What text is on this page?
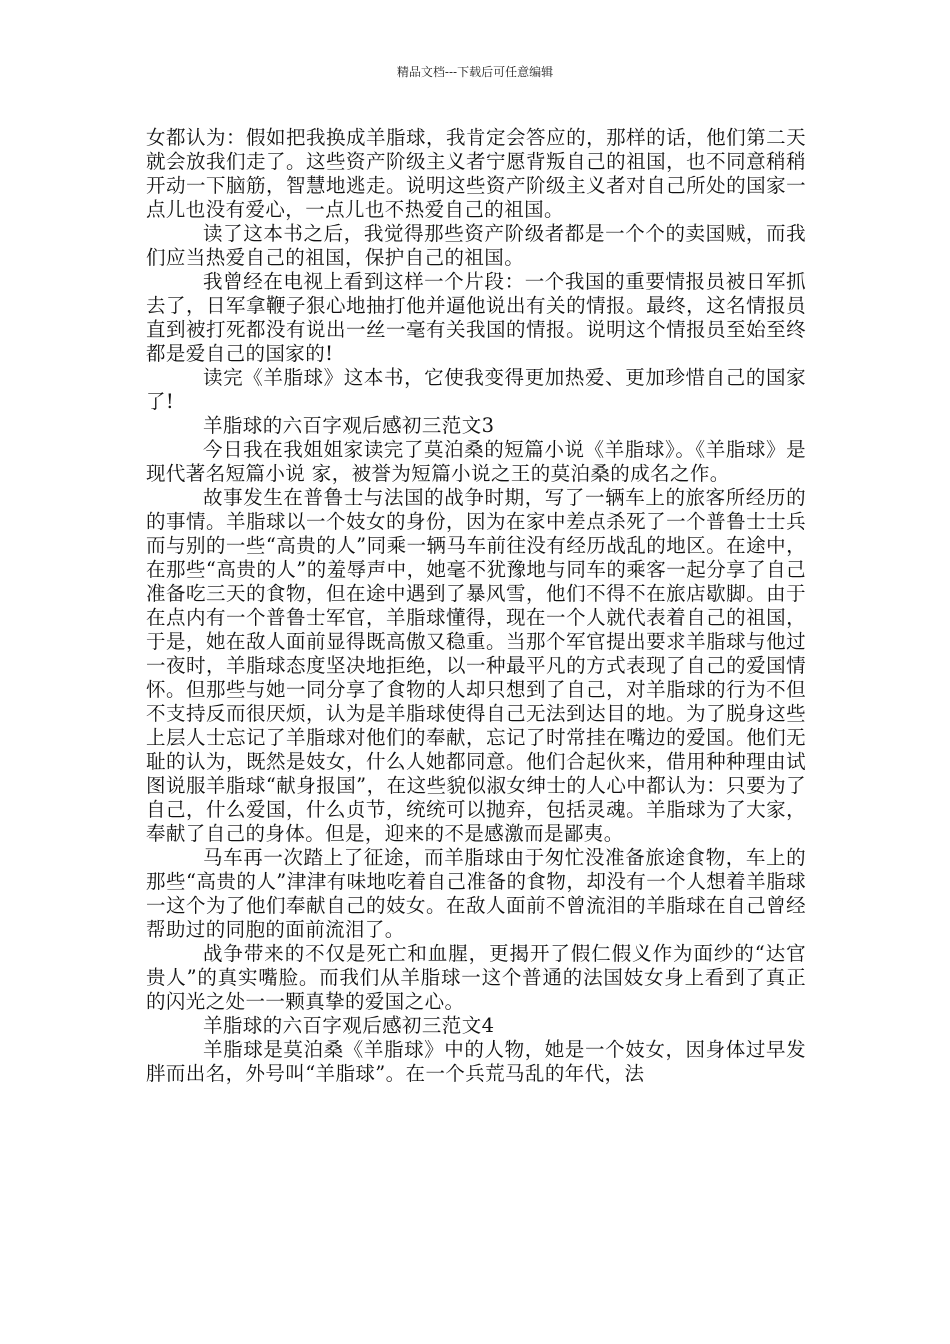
精品文档---下载后可任意编辑

女都认为：假如把我换成羊脂球，我肯定会答应的，那样的话，他们第二天就会放我们走了。这些资产阶级主义者宁愿背叛自己的祖国，也不同意稍稍开动一下脑筋，智慧地逃走。说明这些资产阶级主义者对自己所处的国家一点儿也没有爱心，一点儿也不热爱自己的祖国。

读了这本书之后，我觉得那些资产阶级者都是一个个的卖国贼，而我们应当热爱自己的祖国，保护自己的祖国。

我曾经在电视上看到这样一个片段：一个我国的重要情报员被日军抓去了，日军拿鞭子狠心地抽打他并逼他说出有关的情报。最终，这名情报员直到被打死都没有说出一丝一毫有关我国的情报。说明这个情报员至始至终都是爱自己的国家的!

读完《羊脂球》这本书，它使我变得更加热爱、更加珍惜自己的国家了!

羊脂球的六百字观后感初三范文3

今日我在我姐姐家读完了莫泊桑的短篇小说《羊脂球》。《羊脂球》是现代著名短篇小说 家，被誉为短篇小说之王的莫泊桑的成名之作。

故事发生在普鲁士与法国的战争时期，写了一辆车上的旅客所经历的的事情。羊脂球以一个妓女的身份，因为在家中差点杀死了一个普鲁士士兵而与别的一些“高贵的人”同乘一辆马车前往没有经历战乱的地区。在途中，在那些“高贵的人”的羞辱声中，她毫不犹豫地与同车的乘客一起分享了自己准备吃三天的食物，但在途中遇到了暴风雪，他们不得不在旅店歇脚。由于在点内有一个普鲁士军官，羊脂球懂得，现在一个人就代表着自己的祖国，于是，她在敌人面前显得既高傲又稳重。当那个军官提出要求羊脂球与他过一夜时，羊脂球态度坚决地拒绝，以一种最平凡的方式表现了自己的爱国情怀。但那些与她一同分享了食物的人却只想到了自己，对羊脂球的行为不但不支持反而很厌烦，认为是羊脂球使得自己无法到达目的地。为了脱身这些上层人士忘记了羊脂球对他们的奉献，忘记了时常挂在嘴边的爱国。他们无耻的认为，既然是妓女，什么人她都同意。他们合起伙来，借用种种理由试图说服羊脂球“献身报国”，在这些貌似淑女绅士的人心中都认为：只要为了自己，什么爱国，什么贞节，统统可以抛弃，包括灵魂。羊脂球为了大家，奉献了自己的身体。但是，迎来的不是感激而是鄙夷。

马车再一次踏上了征途，而羊脂球由于匆忙没准备旅途食物，车上的那些“高贵的人”津津有味地吃着自己准备的食物，却没有一个人想着羊脂球一这个为了他们奉献自己的妓女。在敌人面前不曾流泪的羊脂球在自己曾经帮助过的同胞的面前流泪了。

战争带来的不仅是死亡和血腥，更揭开了假仁假义作为面纱的“达官贵人”的真实嘴脸。而我们从羊脂球一这个普通的法国妓女身上看到了真正的闪光之处一一颗真挚的爱国之心。

羊脂球的六百字观后感初三范文4

羊脂球是莫泊桑《羊脂球》中的人物，她是一个妓女，因身体过早发胖而出名，外号叫“羊脂球”。在一个兵荒马乱的年代，法
